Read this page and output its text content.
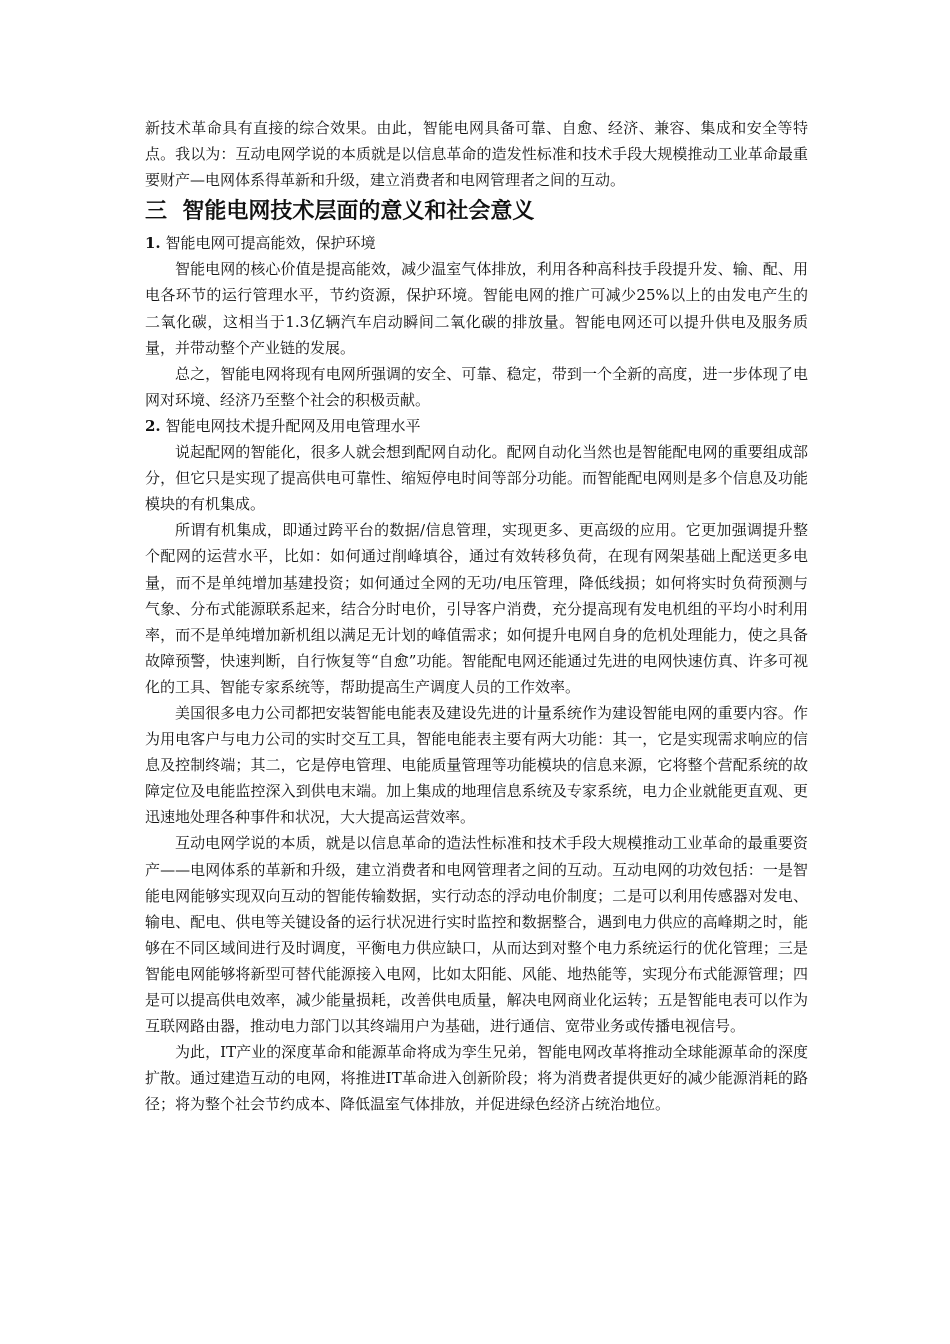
新技术革命具有直接的综合效果。由此，智能电网具备可靠、自愈、经济、兼容、集成和安全等特点。我以为：互动电网学说的本质就是以信息革命的造发性标准和技术手段大规模推动工业革命最重要财产—电网体系得革新和升级，建立消费者和电网管理者之间的互动。

三 智能电网技术层面的意义和社会意义

1. 智能电网可提高能效，保护环境

智能电网的核心价值是提高能效，减少温室气体排放，利用各种高科技手段提升发、输、配、用电各环节的运行管理水平，节约资源，保护环境。智能电网的推广可减少25%以上的由发电产生的二氧化碳，这相当于1.3亿辆汽车启动瞬间二氧化碳的排放量。智能电网还可以提升供电及服务质量，并带动整个产业链的发展。

总之，智能电网将现有电网所强调的安全、可靠、稳定，带到一个全新的高度，进一步体现了电网对环境、经济乃至整个社会的积极贡献。

2. 智能电网技术提升配网及用电管理水平

说起配网的智能化，很多人就会想到配网自动化。配网自动化当然也是智能配电网的重要组成部分，但它只是实现了提高供电可靠性、缩短停电时间等部分功能。而智能配电网则是多个信息及功能模块的有机集成。

所谓有机集成，即通过跨平台的数据/信息管理，实现更多、更高级的应用。它更加强调提升整个配网的运营水平，比如：如何通过削峰填谷，通过有效转移负荷，在现有网架基础上配送更多电量，而不是单纯增加基建投资；如何通过全网的无功/电压管理，降低线损；如何将实时负荷预测与气象、分布式能源联系起来，结合分时电价，引导客户消费，充分提高现有发电机组的平均小时利用率，而不是单纯增加新机组以满足无计划的峰值需求；如何提升电网自身的危机处理能力，使之具备故障预警，快速判断，自行恢复等“自愈”功能。智能配电网还能通过先进的电网快速仿真、许多可视化的工具、智能专家系统等，帮助提高生产调度人员的工作效率。

美国很多电力公司都把安装智能电能表及建设先进的计量系统作为建设智能电网的重要内容。作为用电客户与电力公司的实时交互工具，智能电能表主要有两大功能：其一，它是实现需求响应的信息及控制终端；其二，它是停电管理、电能质量管理等功能模块的信息来源，它将整个营配系统的故障定位及电能监控深入到供电末端。加上集成的地理信息系统及专家系统，电力企业就能更直观、更迅速地处理各种事件和状况，大大提高运营效率。

互动电网学说的本质，就是以信息革命的造法性标准和技术手段大规模推动工业革命的最重要资产——电网体系的革新和升级，建立消费者和电网管理者之间的互动。互动电网的功效包括：一是智能电网能够实现双向互动的智能传输数据，实行动态的浮动电价制度；二是可以利用传感器对发电、输电、配电、供电等关键设备的运行状况进行实时监控和数据整合，遇到电力供应的高峰期之时，能够在不同区域间进行及时调度，平衡电力供应缺口，从而达到对整个电力系统运行的优化管理；三是智能电网能够将新型可替代能源接入电网，比如太阳能、风能、地热能等，实现分布式能源管理；四是可以提高供电效率，减少能量损耗，改善供电质量，解决电网商业化运转；五是智能电表可以作为互联网路由器，推动电力部门以其终端用户为基础，进行通信、宽带业务或传播电视信号。

为此，IT产业的深度革命和能源革命将成为孪生兄弟，智能电网改革将推动全球能源革命的深度扩散。通过建造互动的电网，将推进IT革命进入创新阶段；将为消费者提供更好的减少能源消耗的路径；将为整个社会节约成本、降低温室气体排放，并促进绿色经济占统治地位。
